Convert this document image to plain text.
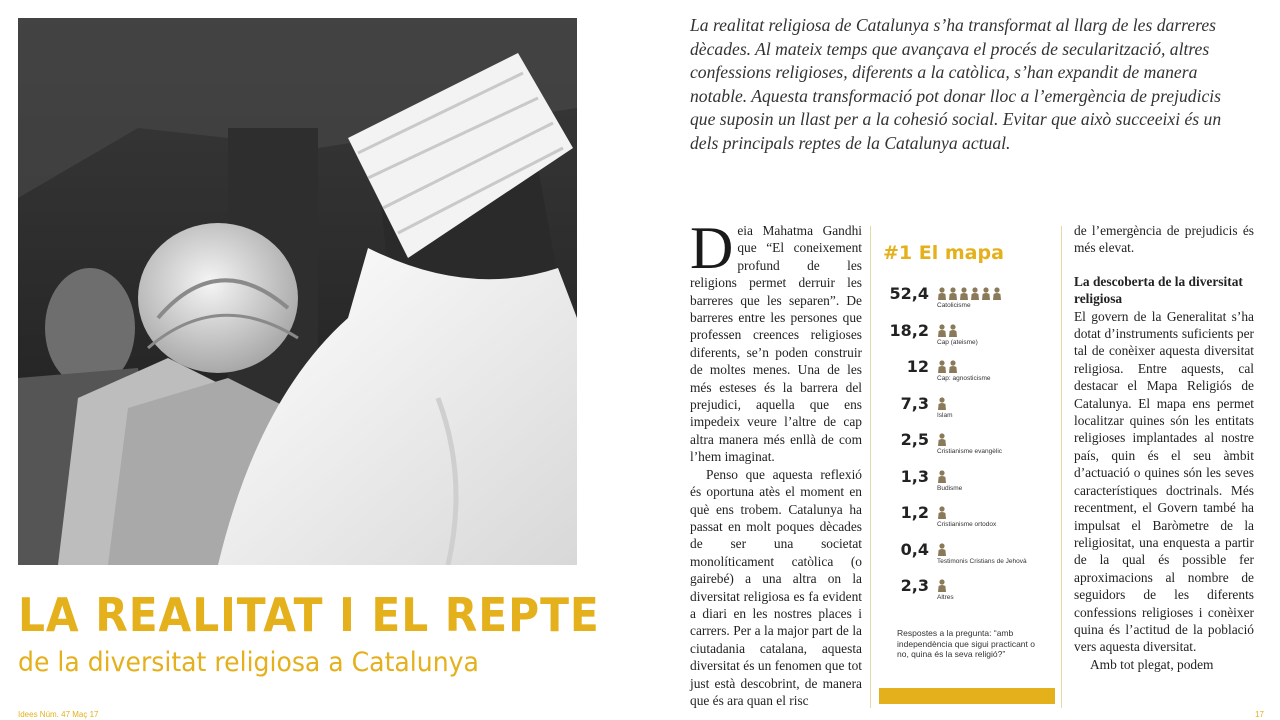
LA REALITAT I EL REPTE
de la diversitat religiosa a Catalunya
Idees Núm. 47 Maç 17

La realitat religiosa de Catalunya s’ha transformat al llarg de les darreres dècades. Al mateix temps que avançava el procés de secularització, altres confessions religioses, diferents a la catòlica, s’han expandit de manera notable. Aquesta transformació pot donar lloc a l’emergència de prejudicis que suposin un llast per a la cohesió social. Evitar que això succeeixi és un dels principals reptes de la Catalunya actual.

Deia Mahatma Gandhi que “El coneixement profund de les religions permet derruir les barreres que les separen”. De barreres entre les persones que professen creences religioses diferents, se’n poden construir de moltes menes. Una de les més esteses és la barrera del prejudici, aquella que ens impedeix veure l’altre de cap altra manera més enllà de com l’hem imaginat.

Penso que aquesta reflexió és oportuna atès el moment en què ens trobem. Catalunya ha passat en molt poques dècades de ser una societat monolíticament catòlica (o gairebé) a una altra on la diversitat religiosa es fa evident a diari en les nostres places i carrers. Per a la major part de la ciutadania catalana, aquesta diversitat és un fenomen que tot just està descobrint, de manera que és ara quan el risc

#1 El mapa
52,4
Catolicisme
18,2
Cap (ateisme)
12
Cap: agnosticisme
7,3
Islam
2,5
Cristianisme evangèlic
1,3
Budisme
1,2
Cristianisme ortodox
0,4
Testimonis Cristians de Jehovà
2,3
Altres

Respostes a la pregunta: “amb independència que sigui practicant o no, quina és la seva religió?”

de l’emergència de prejudicis és més elevat.

La descoberta de la diversitat religiosa

El govern de la Generalitat s’ha dotat d’instruments suficients per tal de conèixer aquesta diversitat religiosa. Entre aquests, cal destacar el Mapa Religiós de Catalunya. El mapa ens permet localitzar quines són les entitats religioses implantades al nostre país, quin és el seu àmbit d’actuació o quines són les seves característiques doctrinals. Més recentment, el Govern també ha impulsat el Baròmetre de la religiositat, una enquesta a partir de la qual és possible fer aproximacions al nombre de seguidors de les diferents confessions religioses i conèixer quina és l’actitud de la població vers aquesta diversitat.

Amb tot plegat, podem

17
